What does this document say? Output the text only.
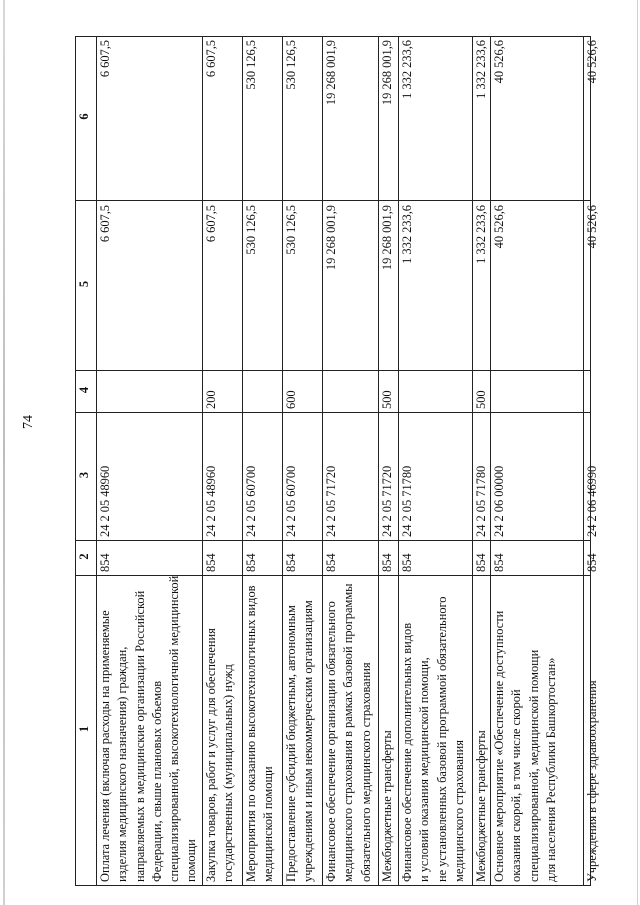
74
1
2
3
4
5
6
Оплата лечения (включая расходы на применяемые изделия медицинского назначения) граждан, направляемых в медицинские организации Российской Федерации, свыше плановых объемов специализированной, высокотехнологичной медицинской помощи
854
24 2 05 48960
6 607,5
6 607,5
Закупка товаров, работ и услуг для обеспечения государственных (муниципальных) нужд
854
24 2 05 48960
200
6 607,5
6 607,5
Мероприятия по оказанию высокотехнологичных видов медицинской помощи
854
24 2 05 60700
530 126,5
530 126,5
Предоставление субсидий бюджетным, автономным учреждениям и иным некоммерческим организациям
854
24 2 05 60700
600
530 126,5
530 126,5
Финансовое обеспечение организации обязательного медицинского страхования в рамках базовой программы обязательного медицинского страхования
854
24 2 05 71720
19 268 001,9
19 268 001,9
Межбюджетные трансферты
854
24 2 05 71720
500
19 268 001,9
19 268 001,9
Финансовое обеспечение дополнительных видов и условий оказания медицинской помощи, не установленных базовой программой обязательного медицинского страхования
854
24 2 05 71780
1 332 233,6
1 332 233,6
Межбюджетные трансферты
854
24 2 05 71780
500
1 332 233,6
1 332 233,6
Основное мероприятие «Обеспечение доступности оказания скорой, в том числе скорой специализированной, медицинской помощи для населения Республики Башкортостан»
854
24 2 06 00000
40 526,6
40 526,6
Учреждения в сфере здравоохранения
854
24 2 06 46990
40 526,6
40 526,6
